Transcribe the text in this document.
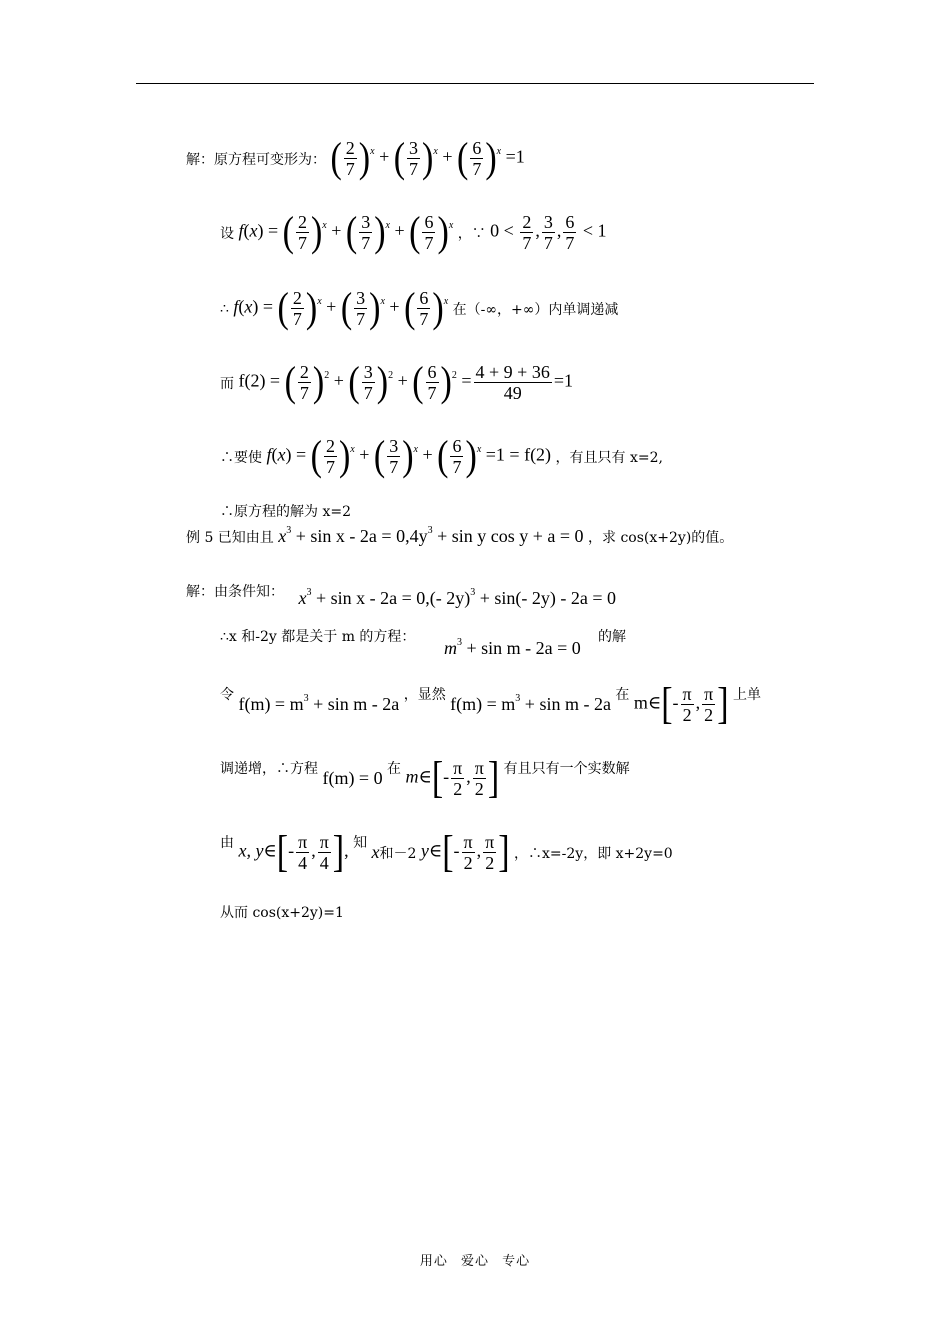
解：原方程可变形为： ( $\frac{2}{7} )^x$ + ( $\frac{3}{7} )^x$ + ( $\frac{6}{7} )^x =1$
设 f(x) = ( $\frac{2}{7} )^x$ + ( $\frac{3}{7} )^x$ + ( $\frac{6}{7} )^x$ ，∵ $0 < \frac{2}{7}$ , $\frac{3}{7}$ , $\frac{6}{7} < 1$
∴ f(x) = ( $\frac{2}{7} )^x$ + ( $\frac{3}{7} )^x$ + ( $\frac{6}{7} )^x$ 在（-∞，+∞）内单调递减
而 f(2) = ( $\frac{2}{7} )^2$ + ( $\frac{3}{7} )^2$ + ( $\frac{6}{7} )^2 = \frac{4 + 9 + 36}{49} =1$
∴要使 f(x) = ( $\frac{2}{7} )^x$ + ( $\frac{3}{7} )^x$ + ( $\frac{6}{7} )^x =1 = f(2)$ ，有且只有 x=2,
∴原方程的解为 x=2
例 5 已知由且 $x^3 + \sin x - 2a = 0,4y^3 + \sin y$ cos y + a = 0 ，求 cos(x+2y)的值。
解：由条件知： $x^3 + \sin x - 2a = 0,(-$ 2y)$^3$ + sin(- 2y) - 2a = 0
∴x 和-2y 都是关于 m 的方程：
$m^3 + \sin m - 2a = 0$
的解
令 $f(m) = m^3 + \sin m - 2a$ ，显然 $f(m) = m^3 + \sin m - 2a$ 在 m∈[- $\frac{\pi}{2}$ , $\frac{\pi}{2}$ ] 上单
调递增，∴方程 f(m) = 0 在 m∈[- $\frac{\pi}{2}$ , $\frac{\pi}{2}$ ] 有且只有一个实数解
由 x, y∈[- $\frac{\pi}{4}$ , $\frac{\pi}{4}$ ], 知 x和－2 y∈[- $\frac{\pi}{2}$ , $\frac{\pi}{2}$ ] ，∴x=-2y，即 x+2y=0
从而 cos(x+2y)=1
用心 爱心 专心
